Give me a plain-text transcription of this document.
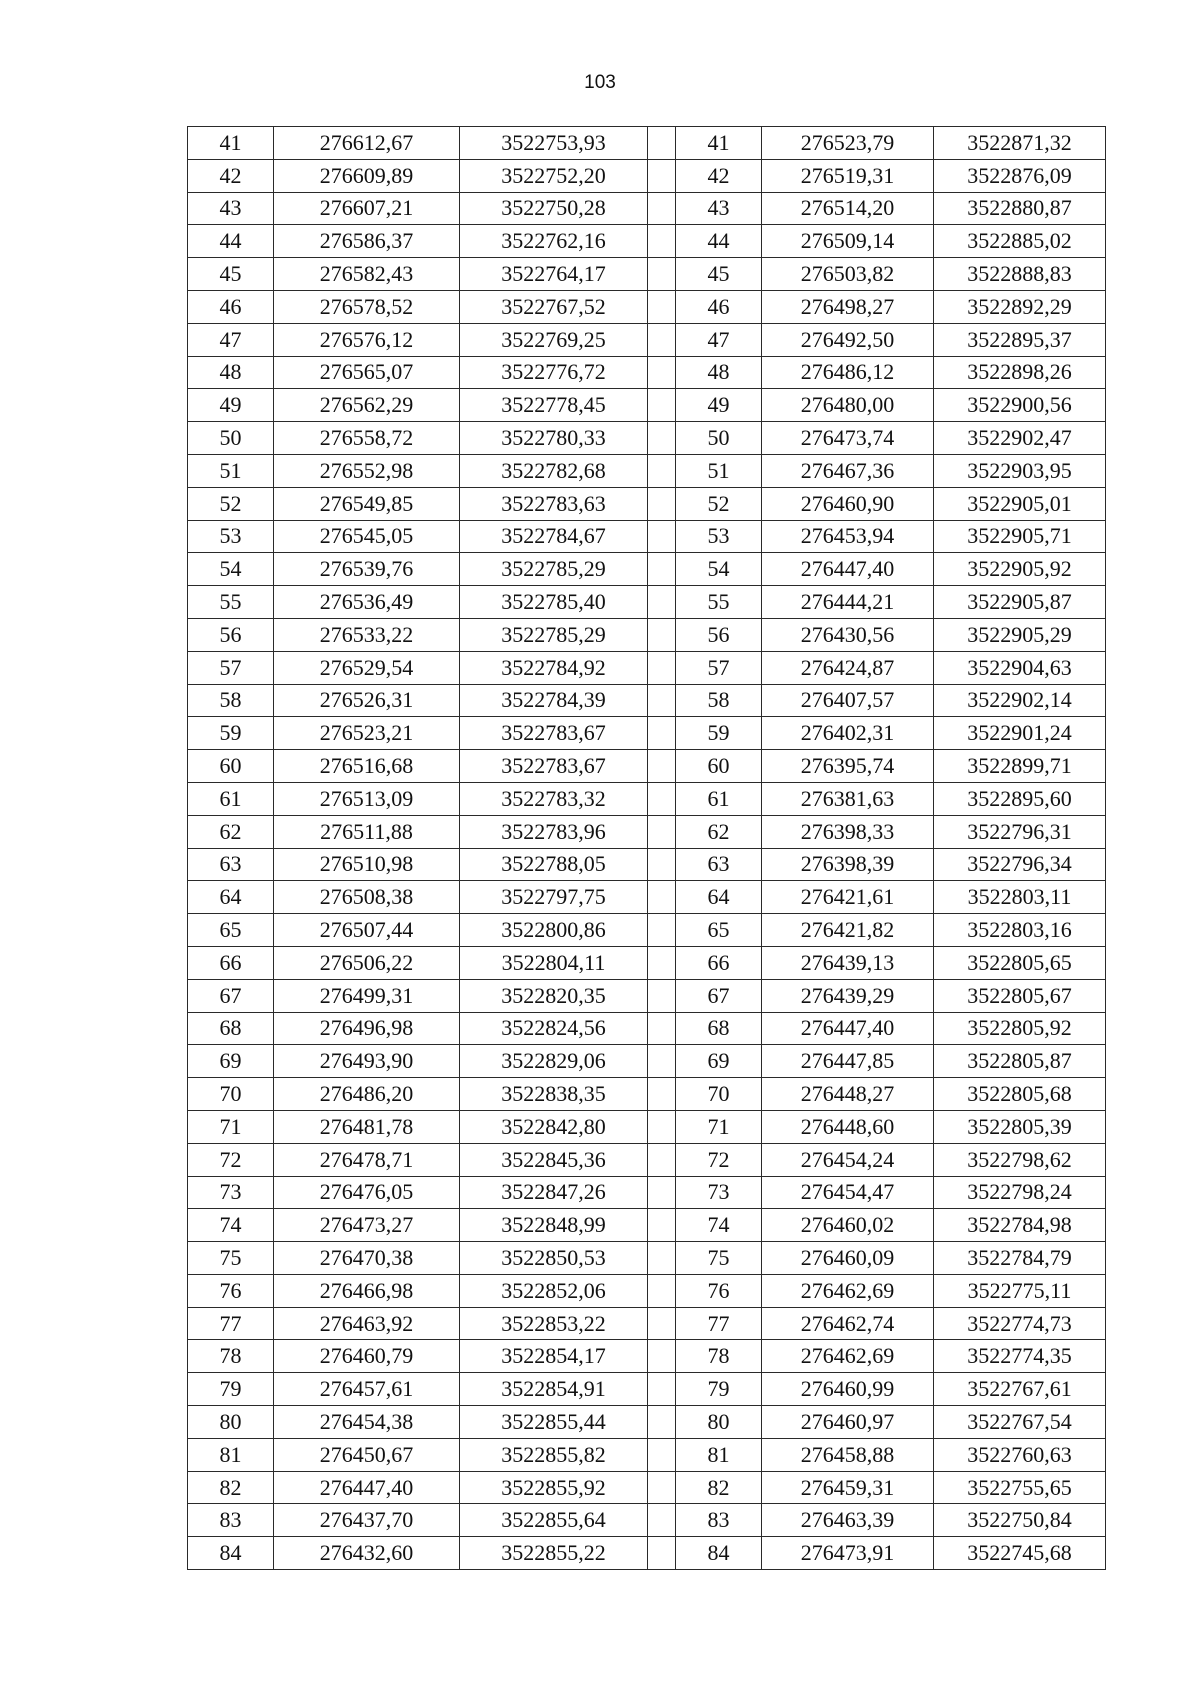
103
41	276612,67	3522753,93		41	276523,79	3522871,32
42	276609,89	3522752,20		42	276519,31	3522876,09
43	276607,21	3522750,28		43	276514,20	3522880,87
44	276586,37	3522762,16		44	276509,14	3522885,02
45	276582,43	3522764,17		45	276503,82	3522888,83
46	276578,52	3522767,52		46	276498,27	3522892,29
47	276576,12	3522769,25		47	276492,50	3522895,37
48	276565,07	3522776,72		48	276486,12	3522898,26
49	276562,29	3522778,45		49	276480,00	3522900,56
50	276558,72	3522780,33		50	276473,74	3522902,47
51	276552,98	3522782,68		51	276467,36	3522903,95
52	276549,85	3522783,63		52	276460,90	3522905,01
53	276545,05	3522784,67		53	276453,94	3522905,71
54	276539,76	3522785,29		54	276447,40	3522905,92
55	276536,49	3522785,40		55	276444,21	3522905,87
56	276533,22	3522785,29		56	276430,56	3522905,29
57	276529,54	3522784,92		57	276424,87	3522904,63
58	276526,31	3522784,39		58	276407,57	3522902,14
59	276523,21	3522783,67		59	276402,31	3522901,24
60	276516,68	3522783,67		60	276395,74	3522899,71
61	276513,09	3522783,32		61	276381,63	3522895,60
62	276511,88	3522783,96		62	276398,33	3522796,31
63	276510,98	3522788,05		63	276398,39	3522796,34
64	276508,38	3522797,75		64	276421,61	3522803,11
65	276507,44	3522800,86		65	276421,82	3522803,16
66	276506,22	3522804,11		66	276439,13	3522805,65
67	276499,31	3522820,35		67	276439,29	3522805,67
68	276496,98	3522824,56		68	276447,40	3522805,92
69	276493,90	3522829,06		69	276447,85	3522805,87
70	276486,20	3522838,35		70	276448,27	3522805,68
71	276481,78	3522842,80		71	276448,60	3522805,39
72	276478,71	3522845,36		72	276454,24	3522798,62
73	276476,05	3522847,26		73	276454,47	3522798,24
74	276473,27	3522848,99		74	276460,02	3522784,98
75	276470,38	3522850,53		75	276460,09	3522784,79
76	276466,98	3522852,06		76	276462,69	3522775,11
77	276463,92	3522853,22		77	276462,74	3522774,73
78	276460,79	3522854,17		78	276462,69	3522774,35
79	276457,61	3522854,91		79	276460,99	3522767,61
80	276454,38	3522855,44		80	276460,97	3522767,54
81	276450,67	3522855,82		81	276458,88	3522760,63
82	276447,40	3522855,92		82	276459,31	3522755,65
83	276437,70	3522855,64		83	276463,39	3522750,84
84	276432,60	3522855,22		84	276473,91	3522745,68
